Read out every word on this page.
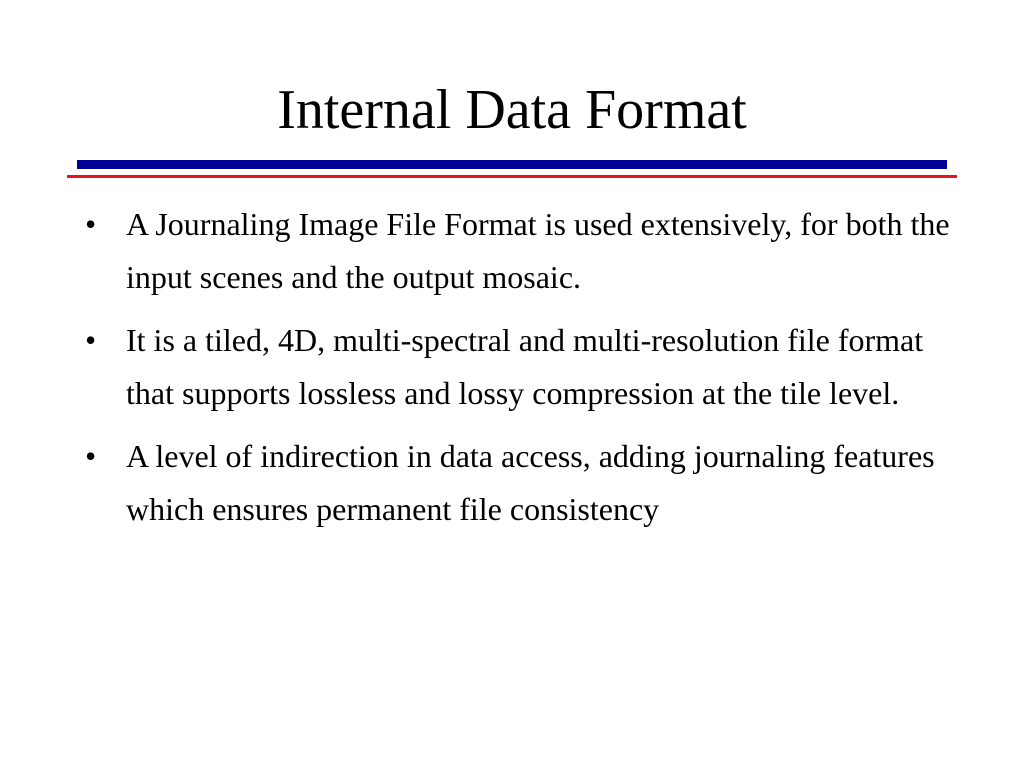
Internal Data Format
• A Journaling Image File Format is used extensively, for both the input scenes and the output mosaic.
• It is a tiled, 4D, multi-spectral and multi-resolution file format that supports lossless and lossy compression at the tile level.
• A level of indirection in data access, adding journaling features which ensures permanent file consistency
